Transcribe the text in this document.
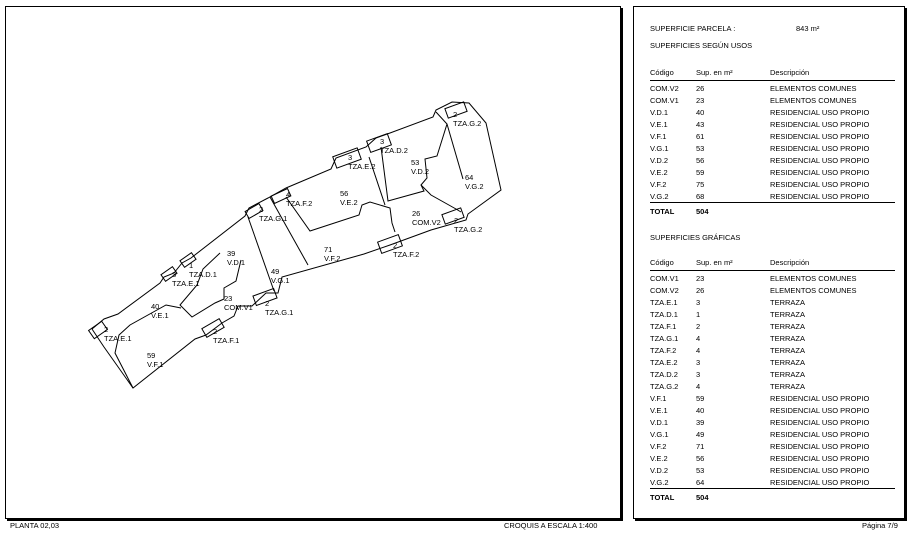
2
TZA.G.2
3
TZA.D.2
3
TZA.E.2	53
V.D.2
64
V.G.2
56
V.E.2
4
TZA.F.2
2
TZA.G.1
26
COM.V2 2
TZA.G.2
71
V.F.2
2
TZA.F.2
39
V.D.1
1
TZA.D.1
3
TZA.E.1
49
V.G.1
23
COM.V1 2
TZA.G.1
40
V.E.1
2
TZA.E.1
2
TZA.F.1
59
V.F.1
SUPERFICIE PARCELA :	843 m²
SUPERFICIES SEGÚN USOS
Código	Sup. en m²	Descripción
COM.V2 26	ELEMENTOS COMUNES
COM.V1 23	ELEMENTOS COMUNES
V.D.1	40	RESIDENCIAL USO PROPIO
V.E.1	43	RESIDENCIAL USO PROPIO
V.F.1	61	RESIDENCIAL USO PROPIO
V.G.1	53	RESIDENCIAL USO PROPIO
V.D.2	56	RESIDENCIAL USO PROPIO
V.E.2	59	RESIDENCIAL USO PROPIO
V.F.2	75	RESIDENCIAL USO PROPIO
V.G.2	68	RESIDENCIAL USO PROPIO
TOTAL	504
SUPERFICIES GRÁFICAS
Código	Sup. en m²	Descripción
COM.V1 23	ELEMENTOS COMUNES
COM.V2 26	ELEMENTOS COMUNES
TZA.E.1 3	TERRAZA
TZA.D.1 1	TERRAZA
TZA.F.1	2	TERRAZA
TZA.G.1 4	TERRAZA
TZA.F.2	4	TERRAZA
TZA.E.2 3	TERRAZA
TZA.D.2 3	TERRAZA
TZA.G.2 4	TERRAZA
V.F.1	59	RESIDENCIAL USO PROPIO
V.E.1	40	RESIDENCIAL USO PROPIO
V.D.1	39	RESIDENCIAL USO PROPIO
V.G.1	49	RESIDENCIAL USO PROPIO
V.F.2	71	RESIDENCIAL USO PROPIO
V.E.2	56	RESIDENCIAL USO PROPIO
V.D.2	53	RESIDENCIAL USO PROPIO
V.G.2	64	RESIDENCIAL USO PROPIO
TOTAL	504
PLANTA 02,03	CROQUIS A ESCALA 1:400	Página 7/9
